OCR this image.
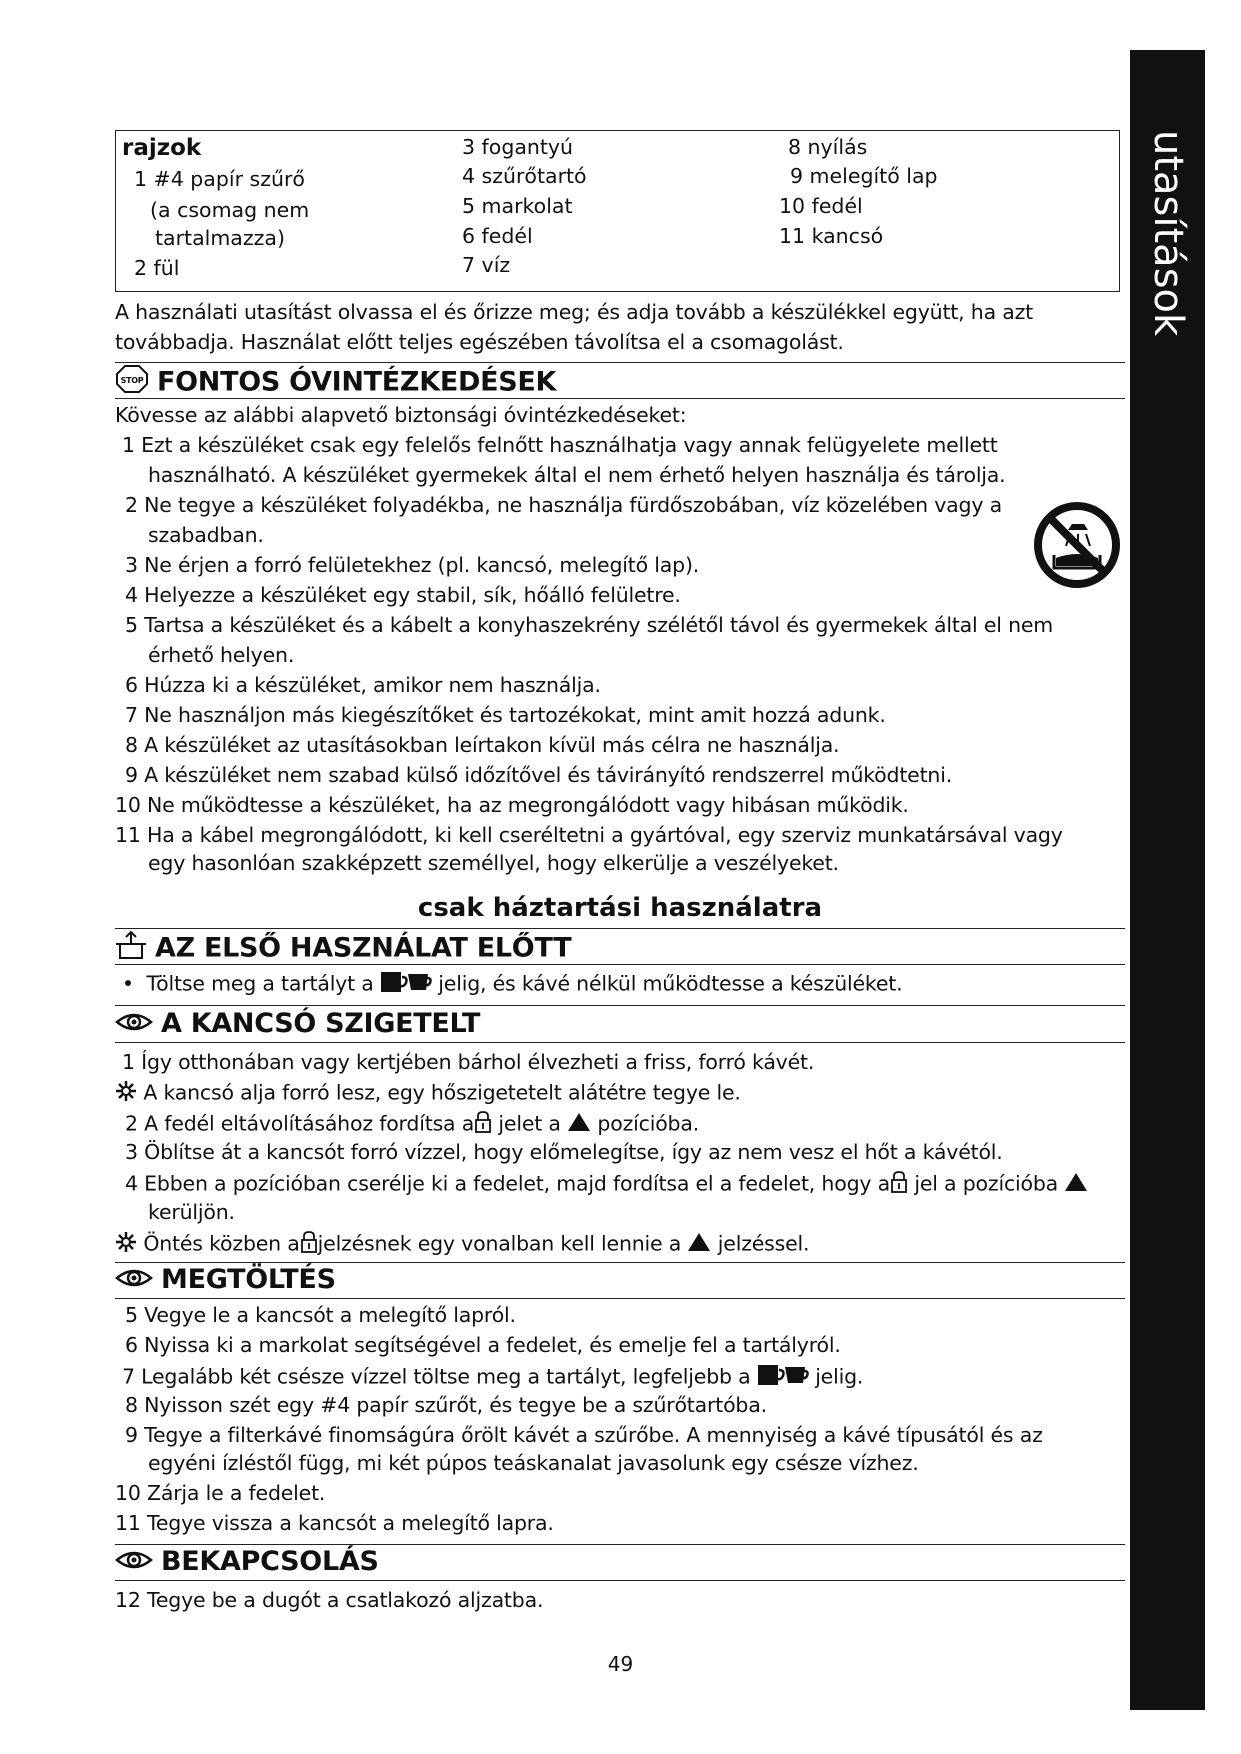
utasítások
rajzok
1 #4 papír szűrő
(a csomag nem
tartalmazza)
2 fül
3 fogantyú
4 szűrőtartó
5 markolat
6 fedél
7 víz
8 nyílás
9 melegítő lap
10 fedél
11 kancsó
A használati utasítást olvassa el és őrizze meg; és adja tovább a készülékkel együtt, ha azt
továbbadja. Használat előtt teljes egészében távolítsa el a csomagolást.
STOP FONTOS ÓVINTÉZKEDÉSEK
Kövesse az alábbi alapvető biztonsági óvintézkedéseket:
1 Ezt a készüléket csak egy felelős felnőtt használhatja vagy annak felügyelete mellett
használható. A készüléket gyermekek által el nem érhető helyen használja és tárolja.
2 Ne tegye a készüléket folyadékba, ne használja fürdőszobában, víz közelében vagy a
szabadban.
3 Ne érjen a forró felületekhez (pl. kancsó, melegítő lap).
4 Helyezze a készüléket egy stabil, sík, hőálló felületre.
5 Tartsa a készüléket és a kábelt a konyhaszekrény szélétől távol és gyermekek által el nem
érhető helyen.
6 Húzza ki a készüléket, amikor nem használja.
7 Ne használjon más kiegészítőket és tartozékokat, mint amit hozzá adunk.
8 A készüléket az utasításokban leírtakon kívül más célra ne használja.
9 A készüléket nem szabad külső időzítővel és távirányító rendszerrel működtetni.
10 Ne működtesse a készüléket, ha az megrongálódott vagy hibásan működik.
11 Ha a kábel megrongálódott, ki kell cseréltetni a gyártóval, egy szerviz munkatársával vagy
egy hasonlóan szakképzett személlyel, hogy elkerülje a veszélyeket.
csak háztartási használatra
AZ ELSŐ HASZNÁLAT ELŐTT
• Töltse meg a tartályt a	jelig, és kávé nélkül működtesse a készüléket.
A KANCSÓ SZIGETELT
1 Így otthonában vagy kertjében bárhol élvezheti a friss, forró kávét.
A kancsó alja forró lesz, egy hőszigetetelt alátétre tegye le.
2 A fedél eltávolításához fordítsa a jelet a pozícióba.
3 Öblítse át a kancsót forró vízzel, hogy előmelegítse, így az nem vesz el hőt a kávétól.
4 Ebben a pozícióban cserélje ki a fedelet, majd fordítsa el a fedelet, hogy a jel a pozícióba
kerüljön.
Öntés közben a jelzésnek egy vonalban kell lennie a jelzéssel.
MEGTÖLTÉS
5 Vegye le a kancsót a melegítő lapról.
6 Nyissa ki a markolat segítségével a fedelet, és emelje fel a tartályról.
7 Legalább két csésze vízzel töltse meg a tartályt, legfeljebb a	jelig.
8 Nyisson szét egy #4 papír szűrőt, és tegye be a szűrőtartóba.
9 Tegye a filterkávé finomságúra őrölt kávét a szűrőbe. A mennyiség a kávé típusától és az
egyéni ízléstől függ, mi két púpos teáskanalat javasolunk egy csésze vízhez.
10 Zárja le a fedelet.
11 Tegye vissza a kancsót a melegítő lapra.
BEKAPCSOLÁS
12 Tegye be a dugót a csatlakozó aljzatba.
49
